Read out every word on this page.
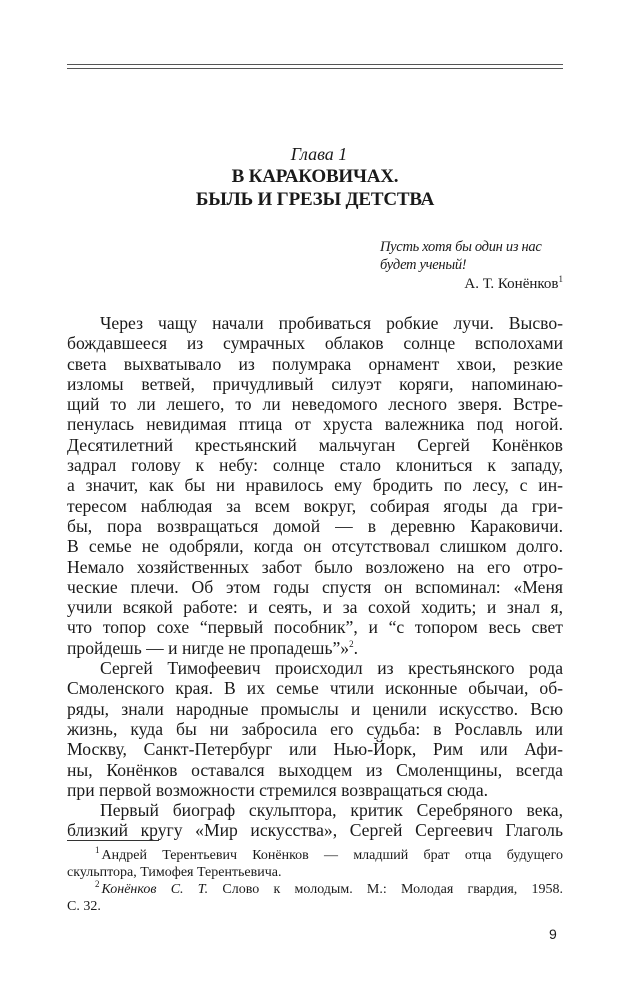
Глава 1
В КАРАКОВИЧАХ.
БЫЛЬ И ГРЕЗЫ ДЕТСТВА
Пусть хотя бы один из нас
будет ученый!
А. Т. Конёнков$^1$
Через чащу начали пробиваться робкие лучи. Высво-
бождавшееся из сумрачных облаков солнце всполохами
света выхватывало из полумрака орнамент хвои, резкие
изломы ветвей, причудливый силуэт коряги, напоминаю-
щий то ли лешего, то ли неведомого лесного зверя. Встре-
пенулась невидимая птица от хруста валежника под ногой.
Десятилетний крестьянский мальчуган Сергей Конёнков
задрал голову к небу: солнце стало клониться к западу,
а значит, как бы ни нравилось ему бродить по лесу, с ин-
тересом наблюдая за всем вокруг, собирая ягоды да гри-
бы, пора возвращаться домой — в деревню Караковичи.
В семье не одобряли, когда он отсутствовал слишком долго.
Немало хозяйственных забот было возложено на его отро-
ческие плечи. Об этом годы спустя он вспоминал: «Меня
учили всякой работе: и сеять, и за сохой ходить; и знал я,
что топор сохе “первый пособник”, и “с топором весь свет
пройдешь — и нигде не пропадешь”»$^2$.
Сергей Тимофеевич происходил из крестьянского рода
Смоленского края. В их семье чтили исконные обычаи, об-
ряды, знали народные промыслы и ценили искусство. Всю
жизнь, куда бы ни забросила его судьба: в Рославль или
Москву, Санкт-Петербург или Нью-Йорк, Рим или Афи-
ны, Конёнков оставался выходцем из Смоленщины, всегда
при первой возможности стремился возвращаться сюда.
Первый биограф скульптора, критик Серебряного века,
близкий кругу «Мир искусства», Сергей Сергеевич Глаголь
$^1$ Андрей Терентьевич Конёнков — младший брат отца будущего
скульптора, Тимофея Терентьевича.
$^2$ Конёнков С. Т. Слово к молодым. М.: Молодая гвардия, 1958.
С. 32.
9
